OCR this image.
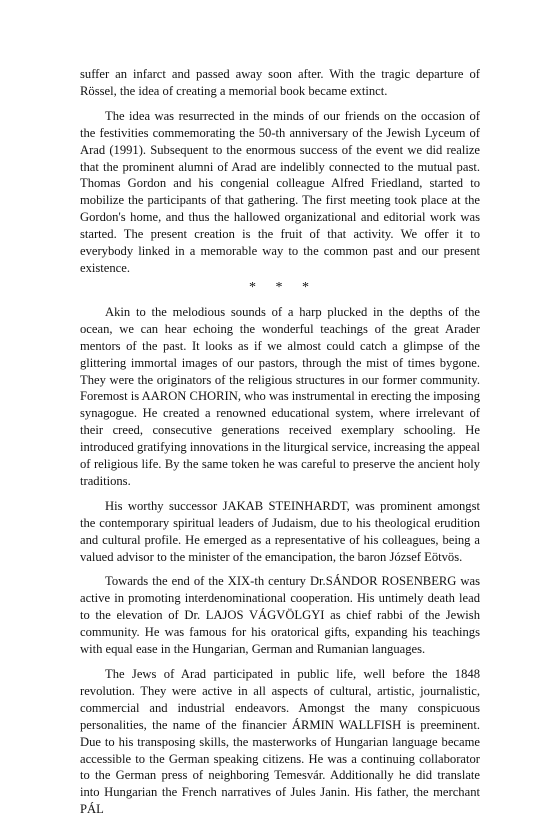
suffer an infarct and passed away soon after. With the tragic departure of Rössel, the idea of creating a memorial book became extinct.

The idea was resurrected in the minds of our friends on the occasion of the festivities commemorating the 50-th anniversary of the Jewish Lyceum of Arad (1991). Subsequent to the enormous success of the event we did realize that the prominent alumni of Arad are indelibly connected to the mutual past. Thomas Gordon and his congenial colleague Alfred Friedland, started to mobilize the participants of that gathering. The first meeting took place at the Gordon's home, and thus the hallowed organizational and editorial work was started. The present creation is the fruit of that activity. We offer it to everybody linked in a memorable way to the common past and our present existence.

* * *

Akin to the melodious sounds of a harp plucked in the depths of the ocean, we can hear echoing the wonderful teachings of the great Arader mentors of the past. It looks as if we almost could catch a glimpse of the glittering immortal images of our pastors, through the mist of times bygone. They were the originators of the religious structures in our former community. Foremost is AARON CHORIN, who was instrumental in erecting the imposing synagogue. He created a renowned educational system, where irrelevant of their creed, consecutive generations received exemplary schooling. He introduced gratifying innovations in the liturgical service, increasing the appeal of religious life. By the same token he was careful to preserve the ancient holy traditions.

His worthy successor JAKAB STEINHARDT, was prominent amongst the contemporary spiritual leaders of Judaism, due to his theological erudition and cultural profile. He emerged as a representative of his colleagues, being a valued advisor to the minister of the emancipation, the baron József Eötvös.

Towards the end of the XIX-th century Dr.SÁNDOR ROSENBERG was active in promoting interdenominational cooperation. His untimely death lead to the elevation of Dr. LAJOS VÁGVÖLGYI as chief rabbi of the Jewish community. He was famous for his oratorical gifts, expanding his teachings with equal ease in the Hungarian, German and Rumanian languages.

The Jews of Arad participated in public life, well before the 1848 revolution. They were active in all aspects of cultural, artistic, journalistic, commercial and industrial endeavors. Amongst the many conspicuous personalities, the name of the financier ÁRMIN WALLFISH is preeminent. Due to his transposing skills, the masterworks of Hungarian language became accessible to the German speaking citizens. He was a continuing collaborator to the German press of neighboring Temesvár. Additionally he did translate into Hungarian the French narratives of Jules Janin. His father, the merchant PÁL
